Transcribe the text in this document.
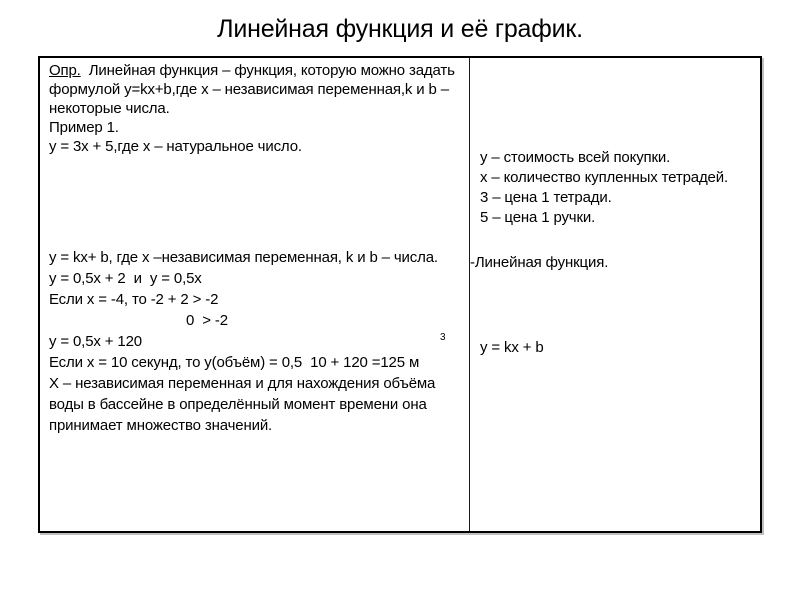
Линейная функция и её график.

Опр.  Линейная функция – функция, которую можно задать формулой y=kx+b,где х – независимая переменная,k и b – некоторые числа.

Пример 1.

y = 3x + 5,где х – натуральное число.

y = kx+ b, где х –независимая переменная, k и b – числа.

y = 0,5x + 2  и  y = 0,5x

Если х = -4, то -2 + 2 > -2

0  > -2

y = 0,5x + 120

Если х = 10 секунд, то у(объём) = 0,5  10 + 120 =125 м

Х – независимая переменная и для нахождения объёма воды в бассейне в определённый момент времени она принимает множество значений.

у – стоимость всей покупки.

х – количество купленных тетрадей.

3 – цена 1 тетради.

5 – цена 1 ручки.

-Линейная функция.

y = kx + b

3
